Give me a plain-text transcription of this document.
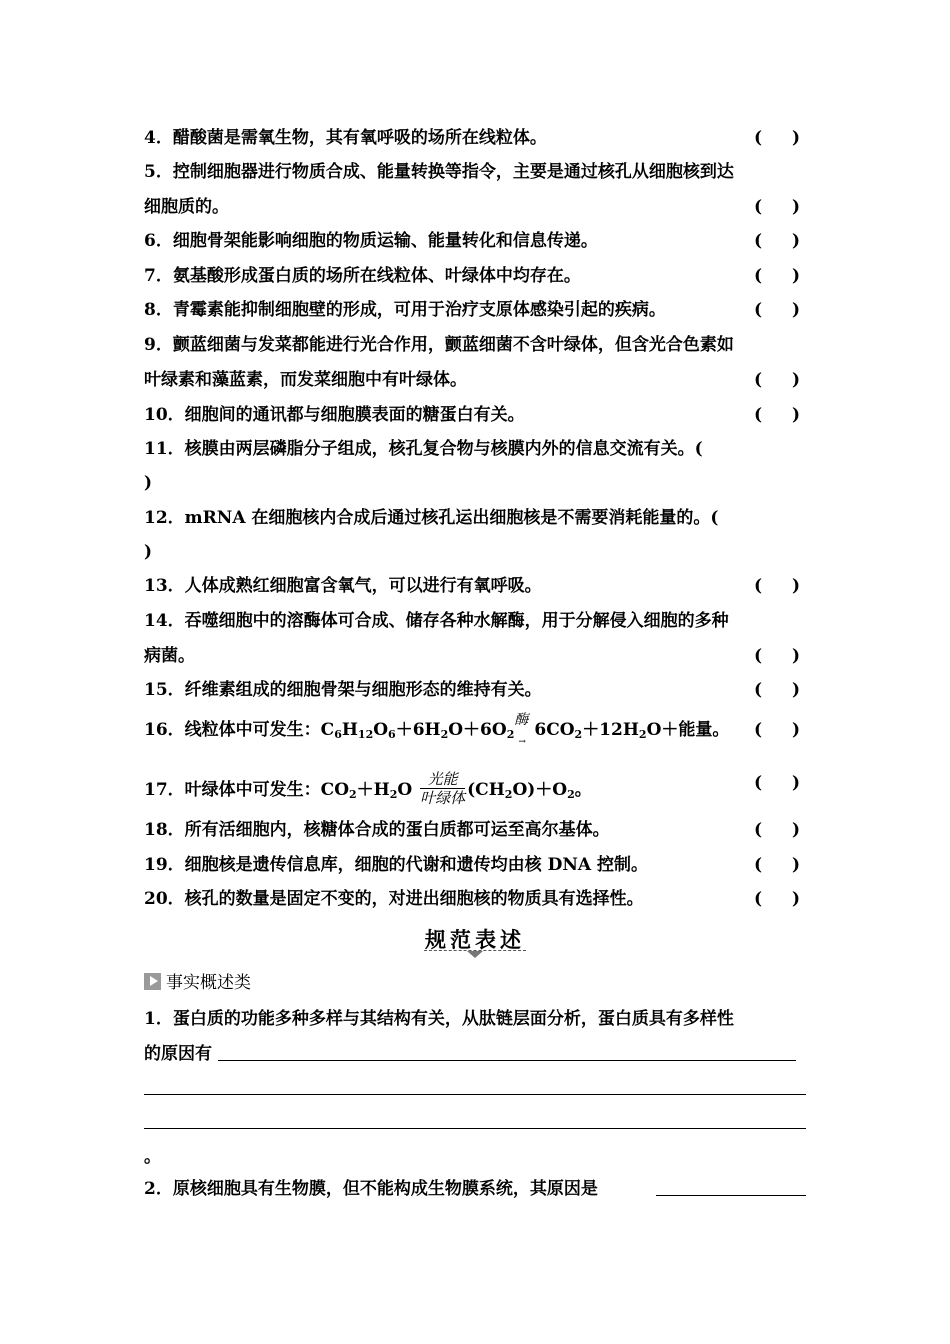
4．醋酸菌是需氧生物，其有氧呼吸的场所在线粒体。	( )
5．控制细胞器进行物质合成、能量转换等指令，主要是通过核孔从细胞核到达
细胞质的。	( )
6．细胞骨架能影响细胞的物质运输、能量转化和信息传递。	( )
7．氨基酸形成蛋白质的场所在线粒体、叶绿体中均存在。	( )
8．青霉素能抑制细胞壁的形成，可用于治疗支原体感染引起的疾病。	( )
9．颤蓝细菌与发菜都能进行光合作用，颤蓝细菌不含叶绿体，但含光合色素如
叶绿素和藻蓝素，而发菜细胞中有叶绿体。	( )
10．细胞间的通讯都与细胞膜表面的糖蛋白有关。	( )
11．核膜由两层磷脂分子组成，核孔复合物与核膜内外的信息交流有关。(
)
12．mRNA 在细胞核内合成后通过核孔运出细胞核是不需要消耗能量的。(
)
13．人体成熟红细胞富含氧气，可以进行有氧呼吸。	( )
14．吞噬细胞中的溶酶体可合成、储存各种水解酶，用于分解侵入细胞的多种
病菌。	( )
15．纤维素组成的细胞骨架与细胞形态的维持有关。	( )
16．线粒体中可发生：$C_6H_{12}O_6+6H_2O+6O_2$
酶
→
$6CO_2+12H_2O+$能量。 ( )
17．叶绿体中可发生：$CO_2+H_2O \frac{\text{光能}}{\text{叶绿体}} (CH_2O)+O_2$。	( )
18．所有活细胞内，核糖体合成的蛋白质都可运至高尔基体。	( )
19．细胞核是遗传信息库，细胞的代谢和遗传均由核 DNA 控制。	( )
20．核孔的数量是固定不变的，对进出细胞核的物质具有选择性。	( )
规范表述
事实概述类
1．蛋白质的功能多种多样与其结构有关，从肽链层面分析，蛋白质具有多样性
的原因有
。
2．原核细胞具有生物膜，但不能构成生物膜系统，其原因是
